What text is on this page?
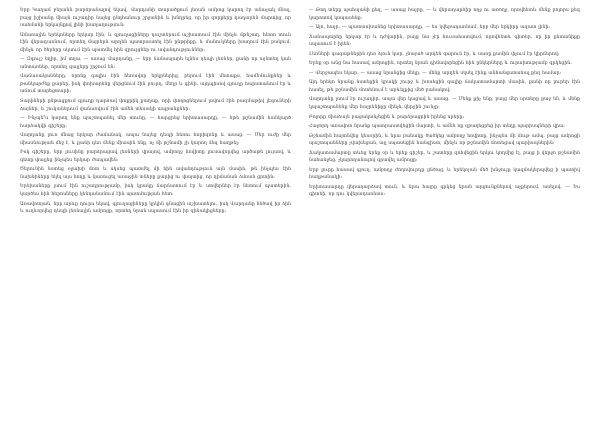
Երբ Կաղամ բերանն բարձրանալով եկավ, Վարդանի տարածքում լեռան ամրոց կարող էր անաչակ մնալ, բայց իշխանը միայն ուշադիր նայեց ընդհանուր շրջանին և խնդրեց, որ իր զորքերը դադարեն մարտից, որ սահմանի երկայնքով լինի խաղաղություն:

Ամառային երեկոները երկար էին, և գյուղացիները դաշտերում աշխատում էին մինչև մթնշաղ. հետո տուն էին վերադառնում, որտեղ մայրերն արդեն պատրաստել էին ընթրիքը, և մանուկները խաղում էին բակում, մինչև որ ծերերը սկսում էին պատմել հին զրույցներ ու ավանդություններ:

— Զգույշ եղիր, իմ տղա, — ասաց Վարդանը, — երբ ճանապարհ ելնես դեպի լեռներ, քանի որ այնտեղ կան անտառներ, որտեղ գայլերը շրջում են:

Վաճառականները, որոնք գալիս էին հեռավոր երկրներից, բերում էին մետաքս, համեմունքներ և թանկարժեք քարեր, իսկ փոխարենը վերցնում էին բուրդ, մեղր և գինի. այդպիսով գյուղը հարստանում էր և աճում տարեցտարի:

Տարիների ընթացքում գյուղը դարձավ փոքրիկ քաղաք, որի փողոցներում լսվում էին բազմաթիվ լեզուների ձայներ, և շուկաներում վաճառվում էին ամեն տեսակի ապրանքներ:

— Ինչպե՞ս կարող ենք պաշտպանել մեր տունը, — հարցրեց երիտասարդը, — եթե թշնամին հանկարծ հարձակվի գիշերը:

Վարդանը լուռ մնաց երկար ժամանակ, ապա նայեց դեպի հեռու հորիզոնը և ասաց. — Մեր ուժը մեր միասնության մեջ է, և քանի դեռ մենք միասին ենք, ոչ մի թշնամի չի կարող մեզ հաղթել:

Իսկ գիշերը, երբ լուսինը բարձրացավ լեռների վրայով, ամբողջ հովիտը լուսավորվեց արծաթե լույսով, և գետը փայլեց ինչպես երկար ժապավեն:

Ծերունին նստեց օջախի մոտ և սկսեց պատմել մի հին ավանդություն այն մասին, թե ինչպես էին նախնիները եկել այս հողը և կառուցել առաջին տները քարից ու փայտից, որ դիմանան ձմռան ցրտին:

Երեխաները լսում էին ուշադրությամբ, իսկ կրակը ճարճատում էր և ստվերներ էր նետում պատերին, կարծես հին հերոսները կենդանանում էին պատմության հետ:

Առավոտյան, երբ արևը դուրս եկավ, գյուղացիները կրկին գնացին աշխատելու, իսկ Վարդանը հեծավ իր ձին և ուղևորվեց դեպի լեռնային ամրոցը, որտեղ նրան սպասում էին իր զինակիցները:

— Թող տերը պահպանի քեզ, — ասաց հայրը, — և վերադարձիր ողջ ու առողջ, որովհետև մենք բոլորս քեզ կարոտով կսպասենք:

— Այո, հայր, — պատասխանեց երիտասարդը, — ես կվերադառնամ, երբ մեր երկիրը ազատ լինի:

Ճանապարհը երկար էր և դժվարին, բայց նա չէր հուսահատվում, որովհետև գիտեր, որ իր ընտանիքը սպասում է իրեն:

Լեռների գագաթներին դեռ ձյուն կար, չնայած արդեն գարուն էր, և սառը քամին փչում էր կիրճերով:

Երեք օր անց նա հասավ ամրոցին, որտեղ նրան դիմավորեցին հին ընկերները և ուրախությամբ գրկեցին:

— Վերջապես եկար, — ասաց նրանցից մեկը, — մենք արդեն սկսել էինք անհանգստանալ քեզ համար:

Այդ երեկո նրանք նստեցին կրակի շուրջ և խոսեցին գալիք ճակատամարտի մասին, քանի որ լուրեր էին հասել, թե թշնամին մոտենում է արևելքից մեծ բանակով:

Վարդանը լսում էր ուշադիր, ապա վեր կացավ և ասաց. — Մենք քիչ ենք, բայց մեր սրտերը քաջ են, և մենք կպաշտպանենք մեր հայրենիքը մինչև վերջին շունչը:

Բոլորը միաձայն բացականչեցին և բարձրացրին իրենց սրերը:

Հաջորդ առավոտ նրանք պատրաստվեցին մարտի, և ամեն ոք զբաղեցրեց իր տեղը պարիսպների վրա:

Թշնամին հայտնվեց կեսօրին, և նրա բանակը ծածկեց ամբողջ հովիտը, ինչպես մի մութ ամպ. բայց ամրոցի պաշտպանները չվախեցան, այլ սպասեցին հանգիստ, մինչև որ թշնամին մոտեցավ պարիսպներին:

Ճակատամարտը տևեց երեք օր և երեք գիշեր, և շատերը զոհվեցին երկու կողմից էլ, բայց ի վերջո թշնամին նահանջեց, չկարողանալով գրավել ամրոցը:

Երբ լուրը հասավ գյուղ, ամբողջ ժողովուրդը ցնծաց, և երեկոյան մեծ խնջույք կազմակերպվեց ի պատիվ հաղթանակի:

Երիտասարդը վերադարձավ տուն, և նրա հայրը գրկեց նրան արցունքներով աչքերում, ասելով. — Ես գիտեի, որ դու կվերադառնաս:
